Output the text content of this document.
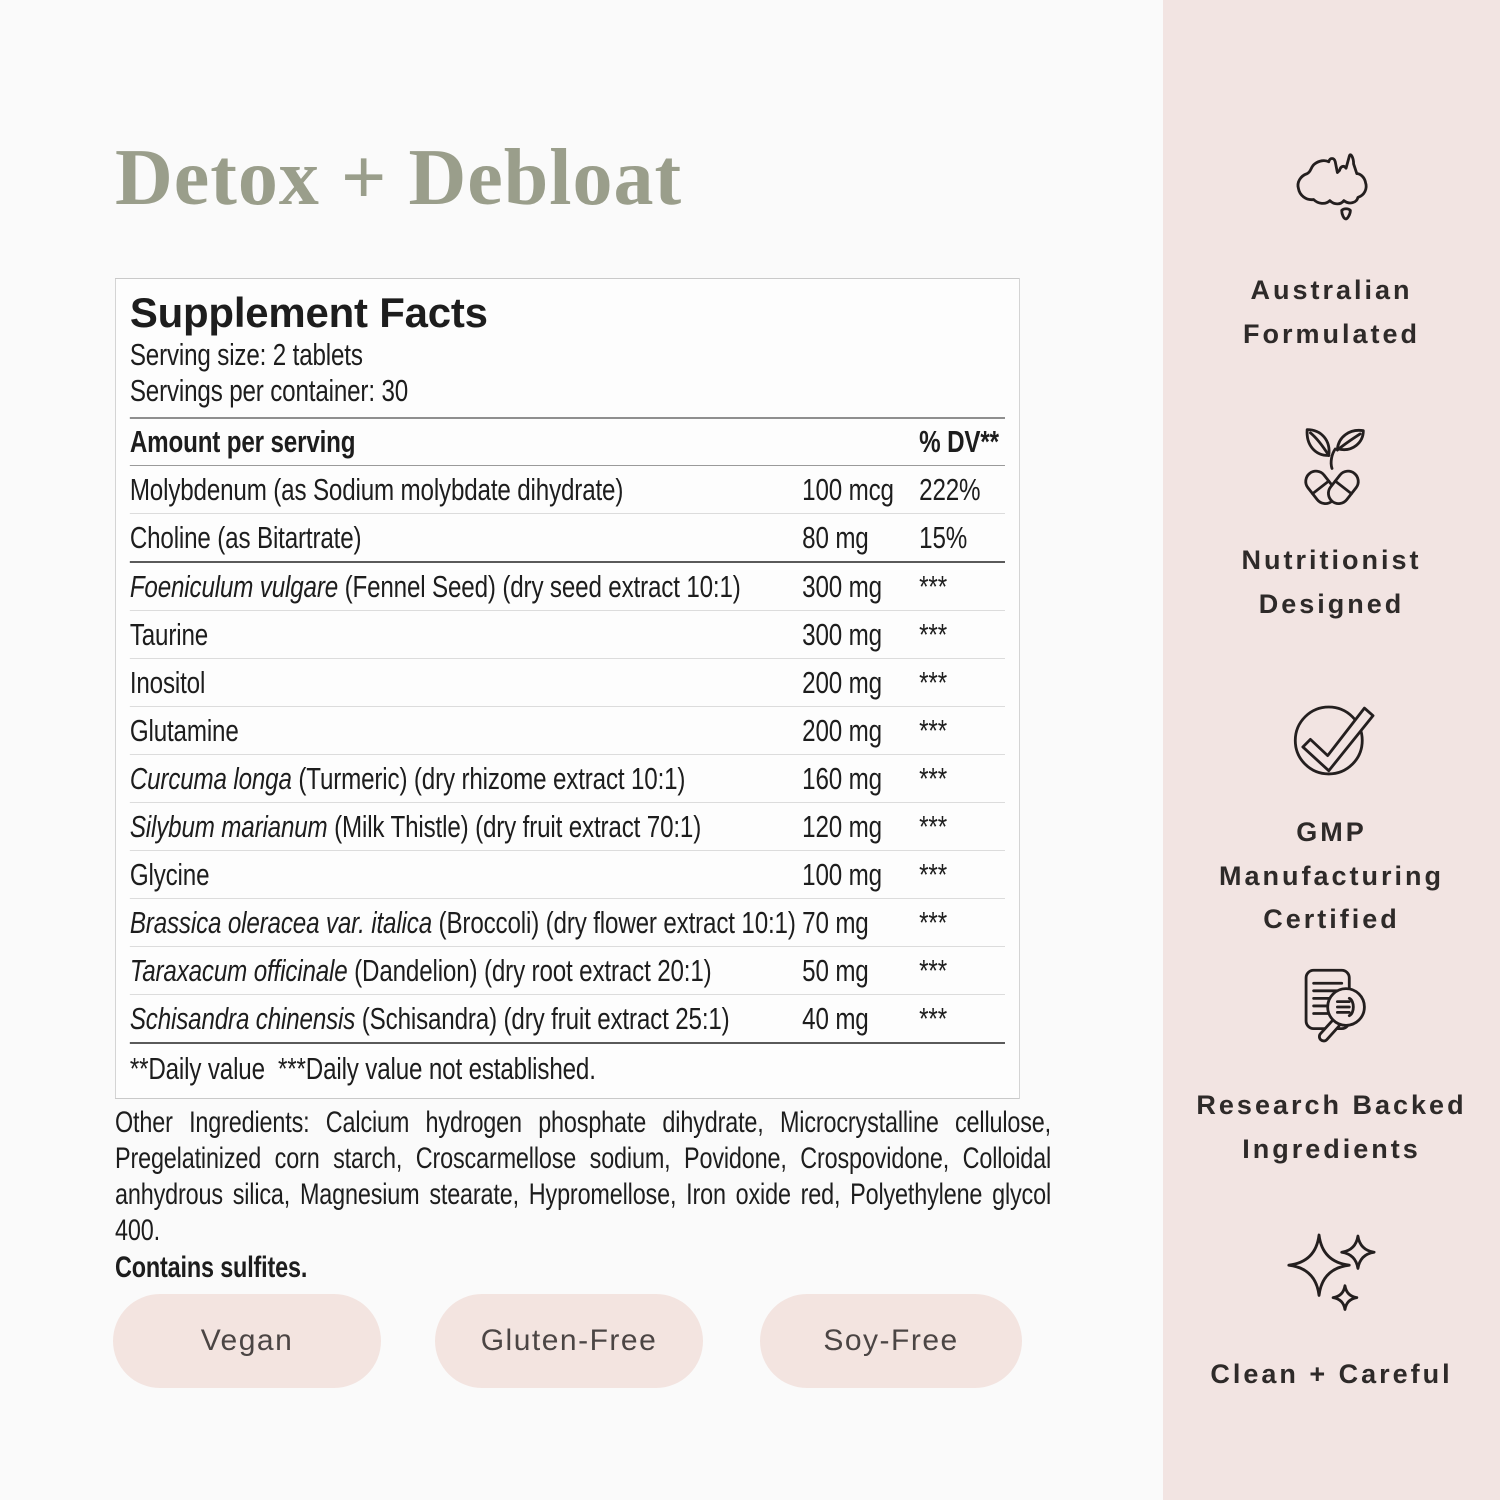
Detox + Debloat
Supplement Facts
Serving size: 2 tablets
Servings per container: 30
Amount per serving	% DV**
Molybdenum (as Sodium molybdate dihydrate)	100 mcg 222%
Choline (as Bitartrate)	80 mg	15%
Foeniculum vulgare (Fennel Seed) (dry seed extract 10:1)	300 mg	***
Taurine	300 mg	***
Inositol	200 mg	***
Glutamine	200 mg	***
Curcuma longa (Turmeric) (dry rhizome extract 10:1)	160 mg	***
Silybum marianum (Milk Thistle) (dry fruit extract 70:1)	120 mg	***
Glycine	100 mg	***
Brassica oleracea var. italica (Broccoli) (dry flower extract 10:1) 70 mg	***
Taraxacum officinale (Dandelion) (dry root extract 20:1)	50 mg	***
Schisandra chinensis (Schisandra) (dry fruit extract 25:1)	40 mg	***
**Daily value  ***Daily value not established.
Other Ingredients: Calcium hydrogen phosphate dihydrate, Microcrystalline cellulose, Pregelatinized corn starch, Croscarmellose sodium, Povidone, Crospovidone, Colloidal anhydrous silica, Magnesium stearate, Hypromellose, Iron oxide red, Polyethylene glycol 400.
Contains sulfites.
Vegan	Gluten-Free	Soy-Free
Australian Formulated
Nutritionist Designed
GMP Manufacturing Certified
Research Backed Ingredients
Clean + Careful
